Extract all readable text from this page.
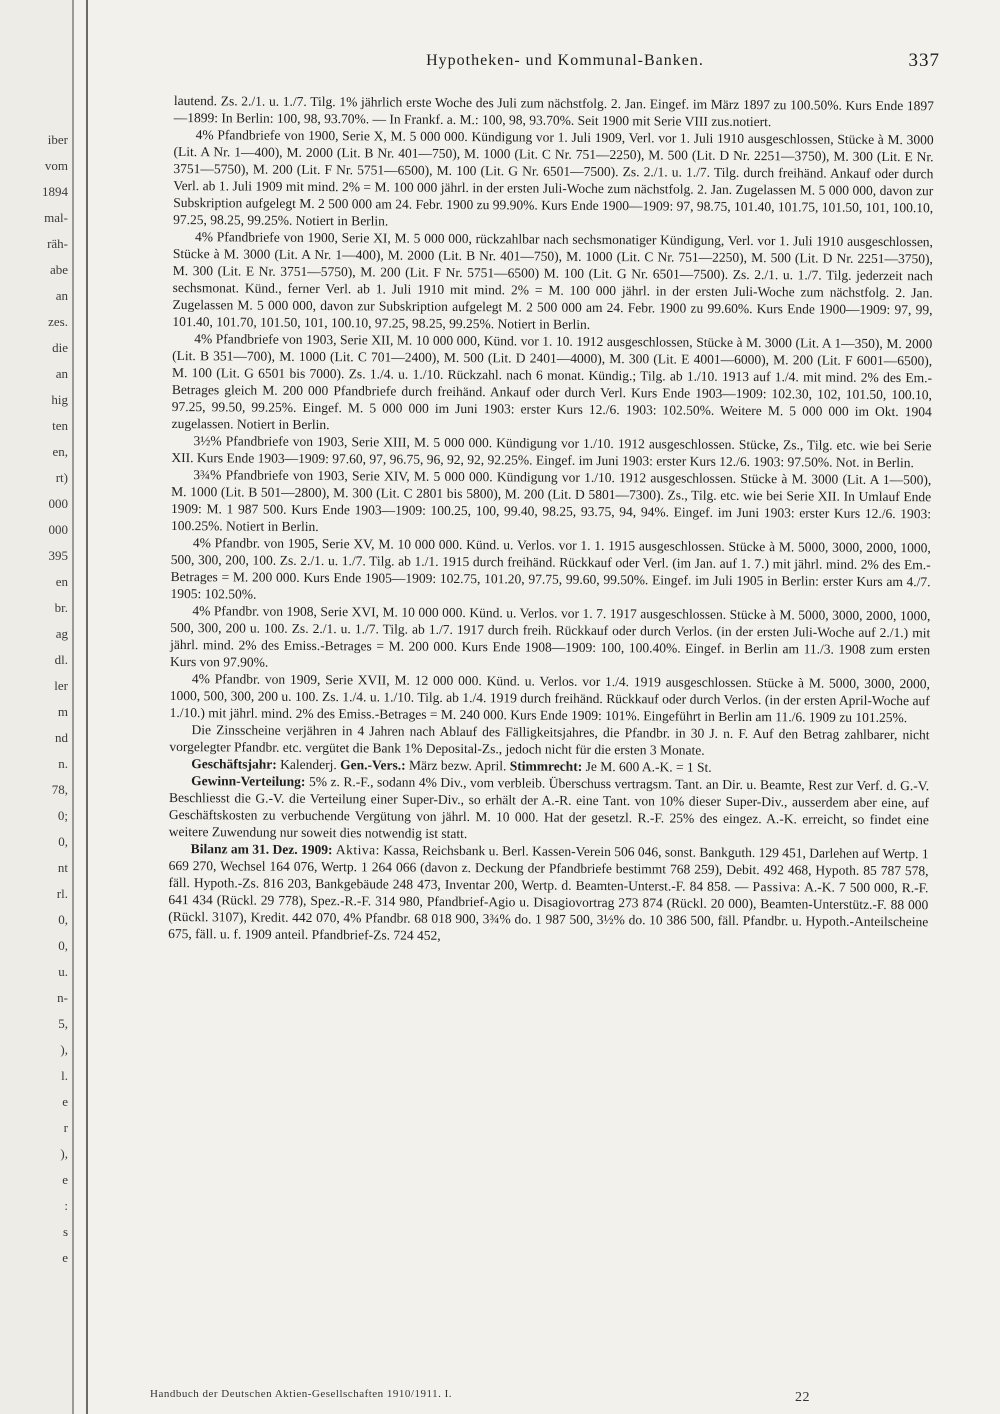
iber
vom
1894
mal-
räh-
abe
an
zes.
die
an
hig
ten
en,
rt)
000
000
395
en
br.
ag
dl.
ler
m
nd
n.
78,
0;
0,
nt
rl.
0,
0,
u.
n-
5,
),
l.
e
r
),
e
:
s
e
Hypotheken- und Kommunal-Banken.	337

lautend. Zs. 2./1. u. 1./7. Tilg. 1% jährlich erste Woche des Juli zum nächstfolg. 2. Jan. Eingef. im März 1897 zu 100.50%. Kurs Ende 1897—1899: In Berlin: 100, 98, 93.70%. — In Frankf. a. M.: 100, 98, 93.70%. Seit 1900 mit Serie VIII zus.notiert.

4% Pfandbriefe von 1900, Serie X, M. 5 000 000. Kündigung vor 1. Juli 1909, Verl. vor 1. Juli 1910 ausgeschlossen, Stücke à M. 3000 (Lit. A Nr. 1—400), M. 2000 (Lit. B Nr. 401—750), M. 1000 (Lit. C Nr. 751—2250), M. 500 (Lit. D Nr. 2251—3750), M. 300 (Lit. E Nr. 3751—5750), M. 200 (Lit. F Nr. 5751—6500), M. 100 (Lit. G Nr. 6501—7500). Zs. 2./1. u. 1./7. Tilg. durch freihänd. Ankauf oder durch Verl. ab 1. Juli 1909 mit mind. 2% = M. 100 000 jährl. in der ersten Juli-Woche zum nächstfolg. 2. Jan. Zugelassen M. 5 000 000, davon zur Subskription aufgelegt M. 2 500 000 am 24. Febr. 1900 zu 99.90%. Kurs Ende 1900—1909: 97, 98.75, 101.40, 101.75, 101.50, 101, 100.10, 97.25, 98.25, 99.25%. Notiert in Berlin.

4% Pfandbriefe von 1900, Serie XI, M. 5 000 000, rückzahlbar nach sechsmonatiger Kündigung, Verl. vor 1. Juli 1910 ausgeschlossen, Stücke à M. 3000 (Lit. A Nr. 1—400), M. 2000 (Lit. B Nr. 401—750), M. 1000 (Lit. C Nr. 751—2250), M. 500 (Lit. D Nr. 2251—3750), M. 300 (Lit. E Nr. 3751—5750), M. 200 (Lit. F Nr. 5751—6500) M. 100 (Lit. G Nr. 6501—7500). Zs. 2./1. u. 1./7. Tilg. jederzeit nach sechsmonat. Künd., ferner Verl. ab 1. Juli 1910 mit mind. 2% = M. 100 000 jährl. in der ersten Juli-Woche zum nächstfolg. 2. Jan. Zugelassen M. 5 000 000, davon zur Subskription aufgelegt M. 2 500 000 am 24. Febr. 1900 zu 99.60%. Kurs Ende 1900—1909: 97, 99, 101.40, 101.70, 101.50, 101, 100.10, 97.25, 98.25, 99.25%. Notiert in Berlin.

4% Pfandbriefe von 1903, Serie XII, M. 10 000 000, Künd. vor 1. 10. 1912 ausgeschlossen, Stücke à M. 3000 (Lit. A 1—350), M. 2000 (Lit. B 351—700), M. 1000 (Lit. C 701—2400), M. 500 (Lit. D 2401—4000), M. 300 (Lit. E 4001—6000), M. 200 (Lit. F 6001—6500), M. 100 (Lit. G 6501 bis 7000). Zs. 1./4. u. 1./10. Rückzahl. nach 6 monat. Kündig.; Tilg. ab 1./10. 1913 auf 1./4. mit mind. 2% des Em.-Betrages gleich M. 200 000 Pfandbriefe durch freihänd. Ankauf oder durch Verl. Kurs Ende 1903—1909: 102.30, 102, 101.50, 100.10, 97.25, 99.50, 99.25%. Eingef. M. 5 000 000 im Juni 1903: erster Kurs 12./6. 1903: 102.50%. Weitere M. 5 000 000 im Okt. 1904 zugelassen. Notiert in Berlin.

3½% Pfandbriefe von 1903, Serie XIII, M. 5 000 000. Kündigung vor 1./10. 1912 ausgeschlossen. Stücke, Zs., Tilg. etc. wie bei Serie XII. Kurs Ende 1903—1909: 97.60, 97, 96.75, 96, 92, 92, 92.25%. Eingef. im Juni 1903: erster Kurs 12./6. 1903: 97.50%. Not. in Berlin.

3¾% Pfandbriefe von 1903, Serie XIV, M. 5 000 000. Kündigung vor 1./10. 1912 ausgeschlossen. Stücke à M. 3000 (Lit. A 1—500), M. 1000 (Lit. B 501—2800), M. 300 (Lit. C 2801 bis 5800), M. 200 (Lit. D 5801—7300). Zs., Tilg. etc. wie bei Serie XII. In Umlauf Ende 1909: M. 1 987 500. Kurs Ende 1903—1909: 100.25, 100, 99.40, 98.25, 93.75, 94, 94%. Eingef. im Juni 1903: erster Kurs 12./6. 1903: 100.25%. Notiert in Berlin.

4% Pfandbr. von 1905, Serie XV, M. 10 000 000. Künd. u. Verlos. vor 1. 1. 1915 ausgeschlossen. Stücke à M. 5000, 3000, 2000, 1000, 500, 300, 200, 100. Zs. 2./1. u. 1./7. Tilg. ab 1./1. 1915 durch freihänd. Rückkauf oder Verl. (im Jan. auf 1. 7.) mit jährl. mind. 2% des Em.-Betrages = M. 200 000. Kurs Ende 1905—1909: 102.75, 101.20, 97.75, 99.60, 99.50%. Eingef. im Juli 1905 in Berlin: erster Kurs am 4./7. 1905: 102.50%.

4% Pfandbr. von 1908, Serie XVI, M. 10 000 000. Künd. u. Verlos. vor 1. 7. 1917 ausgeschlossen. Stücke à M. 5000, 3000, 2000, 1000, 500, 300, 200 u. 100. Zs. 2./1. u. 1./7. Tilg. ab 1./7. 1917 durch freih. Rückkauf oder durch Verlos. (in der ersten Juli-Woche auf 2./1.) mit jährl. mind. 2% des Emiss.-Betrages = M. 200 000. Kurs Ende 1908—1909: 100, 100.40%. Eingef. in Berlin am 11./3. 1908 zum ersten Kurs von 97.90%.

4% Pfandbr. von 1909, Serie XVII, M. 12 000 000. Künd. u. Verlos. vor 1./4. 1919 ausgeschlossen. Stücke à M. 5000, 3000, 2000, 1000, 500, 300, 200 u. 100. Zs. 1./4. u. 1./10. Tilg. ab 1./4. 1919 durch freihänd. Rückkauf oder durch Verlos. (in der ersten April-Woche auf 1./10.) mit jährl. mind. 2% des Emiss.-Betrages = M. 240 000. Kurs Ende 1909: 101%. Eingeführt in Berlin am 11./6. 1909 zu 101.25%.

Die Zinsscheine verjähren in 4 Jahren nach Ablauf des Fälligkeitsjahres, die Pfandbr. in 30 J. n. F. Auf den Betrag zahlbarer, nicht vorgelegter Pfandbr. etc. vergütet die Bank 1% Deposital-Zs., jedoch nicht für die ersten 3 Monate.

Geschäftsjahr: Kalenderj. Gen.-Vers.: März bezw. April. Stimmrecht: Je M. 600 A.-K. = 1 St.

Gewinn-Verteilung: 5% z. R.-F., sodann 4% Div., vom verbleib. Überschuss vertragsm. Tant. an Dir. u. Beamte, Rest zur Verf. d. G.-V. Beschliesst die G.-V. die Verteilung einer Super-Div., so erhält der A.-R. eine Tant. von 10% dieser Super-Div., ausserdem aber eine, auf Geschäftskosten zu verbuchende Vergütung von jährl. M. 10 000. Hat der gesetzl. R.-F. 25% des eingez. A.-K. erreicht, so findet eine weitere Zuwendung nur soweit dies notwendig ist statt.

Bilanz am 31. Dez. 1909: Aktiva: Kassa, Reichsbank u. Berl. Kassen-Verein 506 046, sonst. Bankguth. 129 451, Darlehen auf Wertp. 1 669 270, Wechsel 164 076, Wertp. 1 264 066 (davon z. Deckung der Pfandbriefe bestimmt 768 259), Debit. 492 468, Hypoth. 85 787 578, fäll. Hypoth.-Zs. 816 203, Bankgebäude 248 473, Inventar 200, Wertp. d. Beamten-Unterst.-F. 84 858. — Passiva: A.-K. 7 500 000, R.-F. 641 434 (Rückl. 29 778), Spez.-R.-F. 314 980, Pfandbrief-Agio u. Disagiovortrag 273 874 (Rückl. 20 000), Beamten-Unterstütz.-F. 88 000 (Rückl. 3107), Kredit. 442 070, 4% Pfandbr. 68 018 900, 3¾% do. 1 987 500, 3½% do. 10 386 500, fäll. Pfandbr. u. Hypoth.-Anteilscheine 675, fäll. u. f. 1909 anteil. Pfandbrief-Zs. 724 452,

Handbuch der Deutschen Aktien-Gesellschaften 1910/1911. I.	22
